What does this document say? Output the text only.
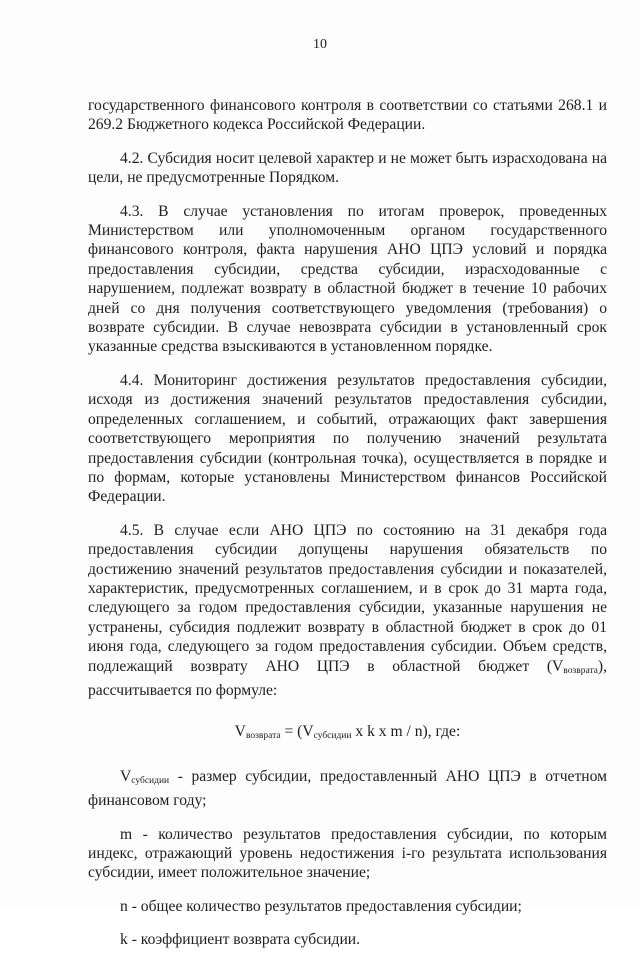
10

государственного финансового контроля в соответствии со статьями 268.1 и 269.2 Бюджетного кодекса Российской Федерации.

4.2. Субсидия носит целевой характер и не может быть израсходована на цели, не предусмотренные Порядком.

4.3. В случае установления по итогам проверок, проведенных Министерством или уполномоченным органом государственного финансового контроля, факта нарушения АНО ЦПЭ условий и порядка предоставления субсидии, средства субсидии, израсходованные с нарушением, подлежат возврату в областной бюджет в течение 10 рабочих дней со дня получения соответствующего уведомления (требования) о возврате субсидии. В случае невозврата субсидии в установленный срок указанные средства взыскиваются в установленном порядке.

4.4. Мониторинг достижения результатов предоставления субсидии, исходя из достижения значений результатов предоставления субсидии, определенных соглашением, и событий, отражающих факт завершения соответствующего мероприятия по получению значений результата предоставления субсидии (контрольная точка), осуществляется в порядке и по формам, которые установлены Министерством финансов Российской Федерации.

4.5. В случае если АНО ЦПЭ по состоянию на 31 декабря года предоставления субсидии допущены нарушения обязательств по достижению значений результатов предоставления субсидии и показателей, характеристик, предусмотренных соглашением, и в срок до 31 марта года, следующего за годом предоставления субсидии, указанные нарушения не устранены, субсидия подлежит возврату в областной бюджет в срок до 01 июня года, следующего за годом предоставления субсидии. Объем средств, подлежащий возврату АНО ЦПЭ в областной бюджет $(V_{возврата})$, рассчитывается по формуле:

$V_{возврата} = (V_{субсидии}$ x k x m / n), где:

$V_{субсидии}$ - размер субсидии, предоставленный АНО ЦПЭ в отчетном финансовом году;

m - количество результатов предоставления субсидии, по которым индекс, отражающий уровень недостижения i-го результата использования субсидии, имеет положительное значение;

n - общее количество результатов предоставления субсидии;

k - коэффициент возврата субсидии.
